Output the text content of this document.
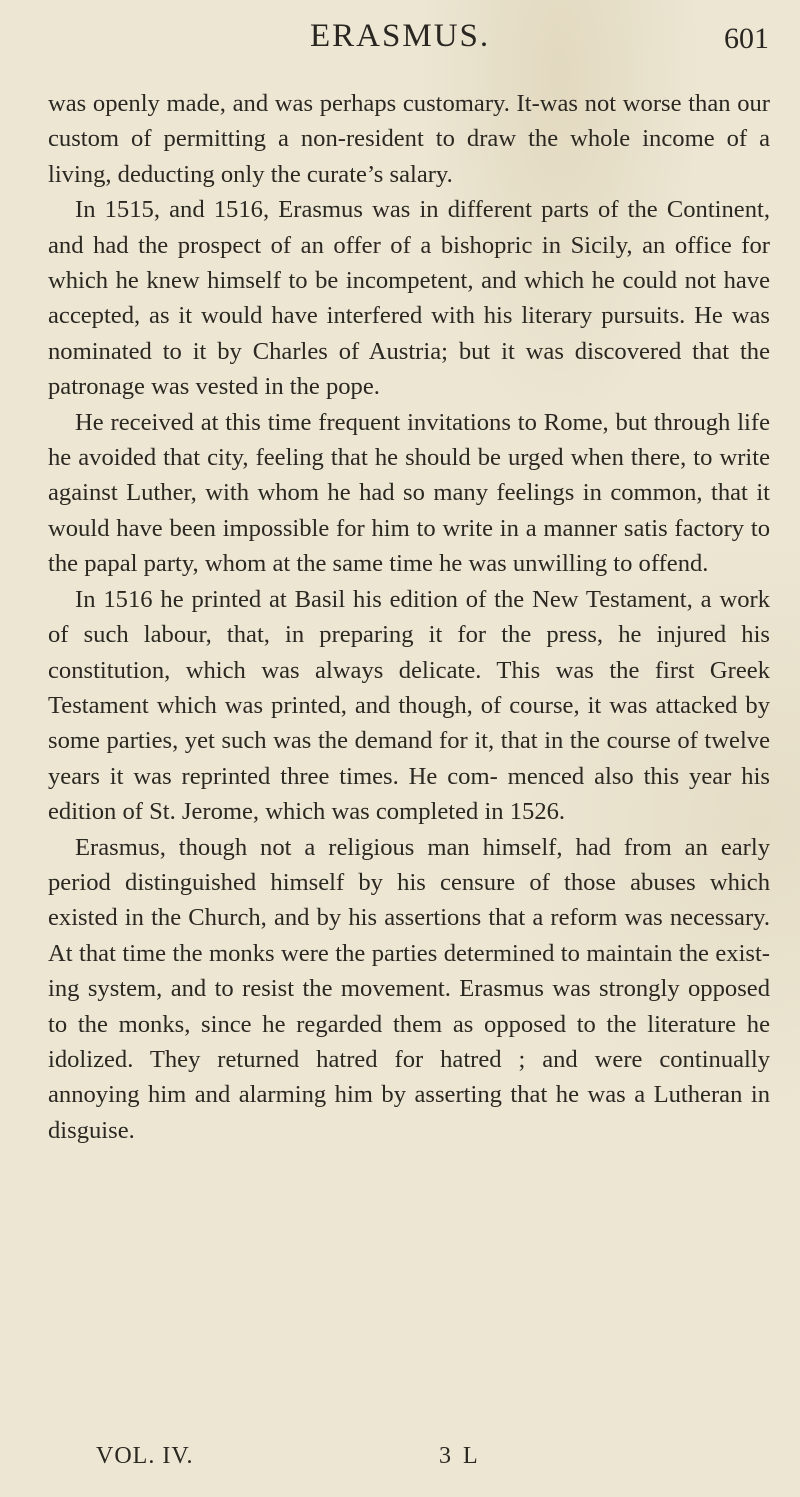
ERASMUS.	601

was openly made, and was perhaps customary. It-was not worse than our custom of permitting a non-resident to draw the whole income of a living, deducting only the curate’s salary.

In 1515, and 1516, Erasmus was in different parts of the Continent, and had the prospect of an offer of a bishopric in Sicily, an office for which he knew himself to be incompetent, and which he could not have accepted, as it would have interfered with his literary pursuits. He was nominated to it by Charles of Austria; but it was discovered that the patronage was vested in the pope.

He received at this time frequent invitations to Rome, but through life he avoided that city, feeling that he should be urged when there, to write against Luther, with whom he had so many feelings in common, that it would have been impossible for him to write in a manner satis factory to the papal party, whom at the same time he was unwilling to offend.

In 1516 he printed at Basil his edition of the New Testament, a work of such labour, that, in preparing it for the press, he injured his constitution, which was always delicate. This was the first Greek Testament which was printed, and though, of course, it was attacked by some parties, yet such was the demand for it, that in the course of twelve years it was reprinted three times. He com- menced also this year his edition of St. Jerome, which was completed in 1526.

Erasmus, though not a religious man himself, had from an early period distinguished himself by his censure of those abuses which existed in the Church, and by his assertions that a reform was necessary. At that time the monks were the parties determined to maintain the exist- ing system, and to resist the movement. Erasmus was strongly opposed to the monks, since he regarded them as opposed to the literature he idolized. They returned hatred for hatred ; and were continually annoying him and alarming him by asserting that he was a Lutheran in disguise.

VOL. IV.	3 L
